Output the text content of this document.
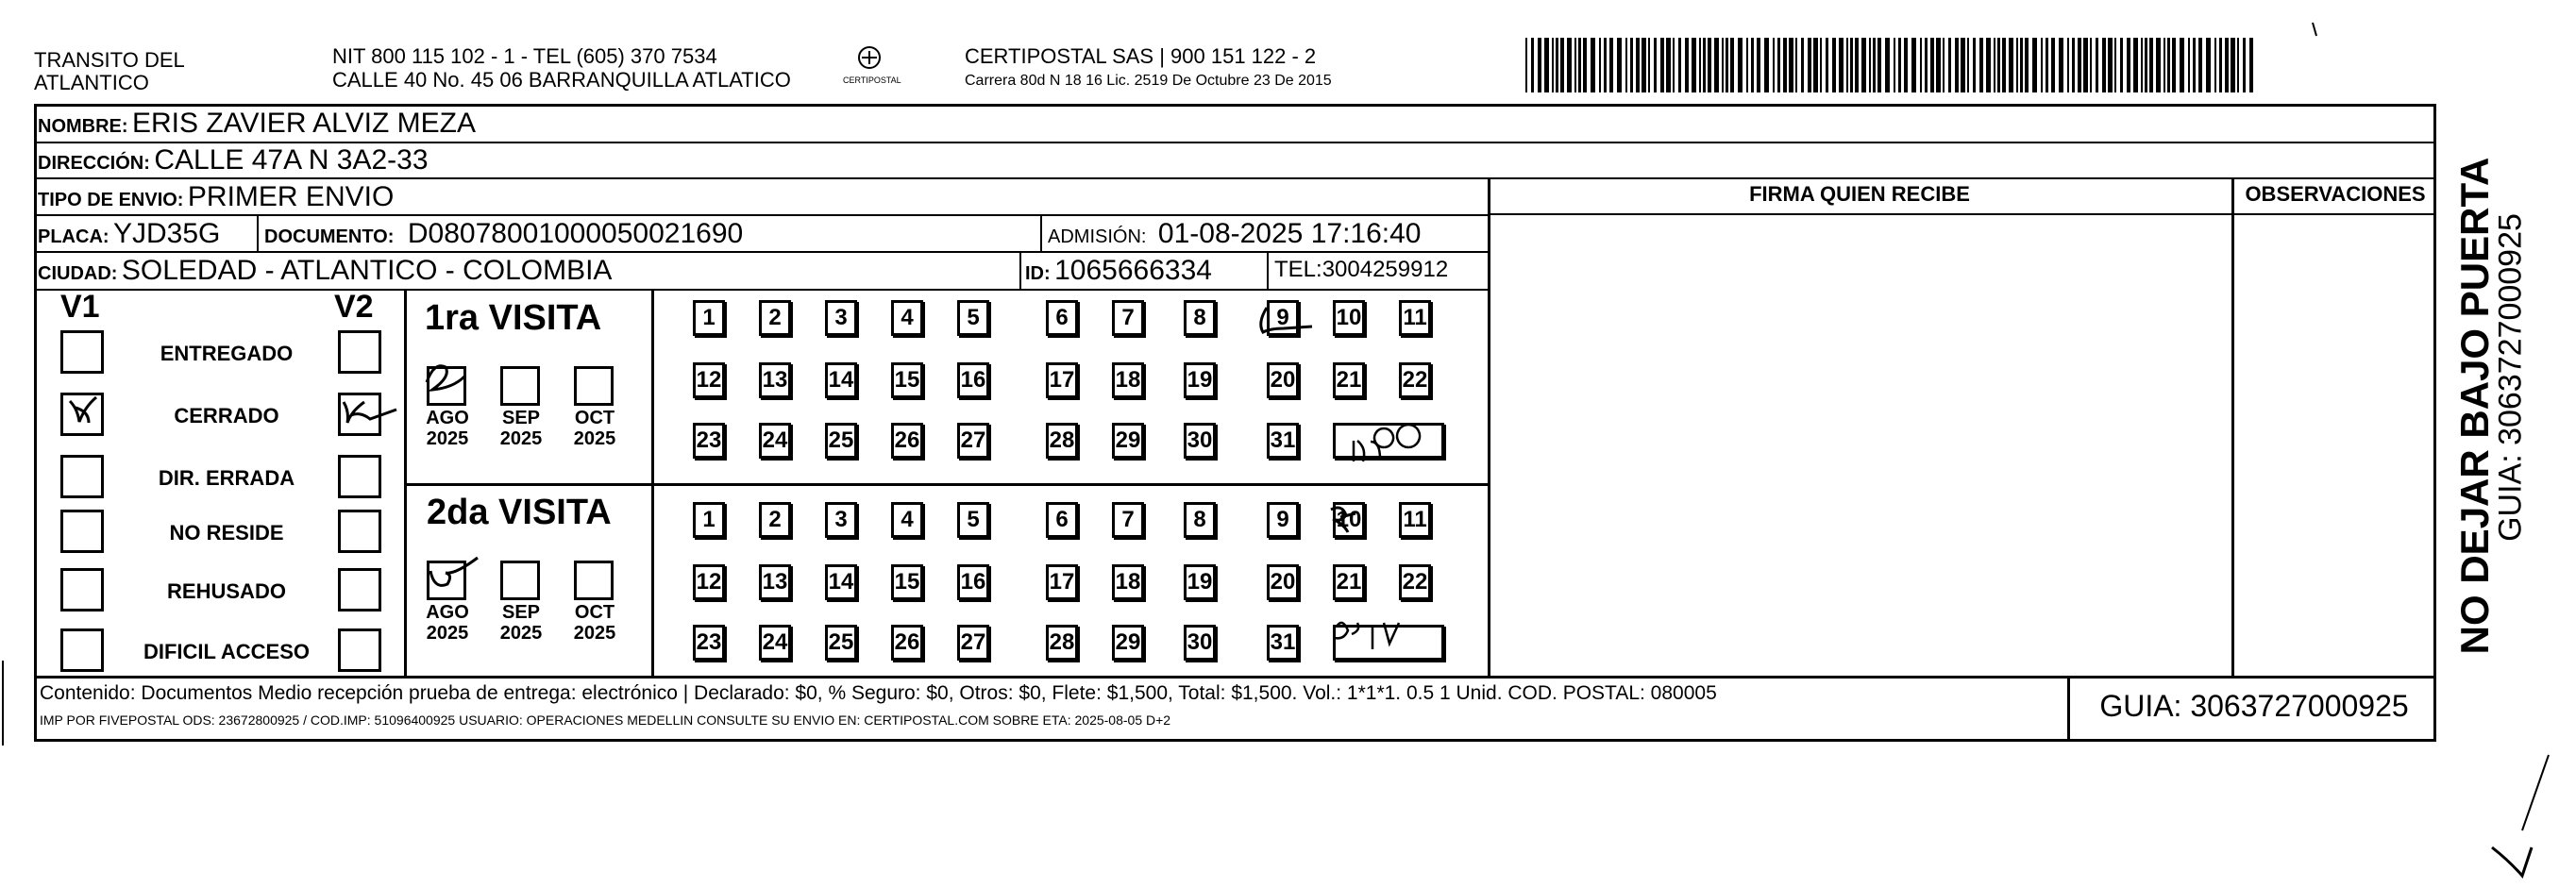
TRANSITO DEL ATLANTICO
NIT 800 115 102 - 1 - TEL (605) 370 7534
CALLE 40 No. 45 06 BARRANQUILLA ATLATICO	CERTIPOSTAL
CERTIPOSTAL SAS | 900 151 122 - 2
Carrera 80d N 18 16 Lic. 2519 De Octubre 23 De 2015
NOMBRE: ERIS ZAVIER ALVIZ MEZA
DIRECCIÓN: CALLE 47A N 3A2-33
TIPO DE ENVIO: PRIMER ENVIO	FIRMA QUIEN RECIBE	OBSERVACIONES
PLACA: YJD35G DOCUMENTO: D08078001000050021690	ADMISIÓN: 01-08-2025 17:16:40
CIUDAD: SOLEDAD - ATLANTICO - COLOMBIA	ID: 1065666334	TEL:3004259912
V1	V2
ENTREGADO
CERRADO
DIR. ERRADA
NO RESIDE
REHUSADO
DIFICIL ACCESO
1ra VISITA
AGO
2025
SEP
2025
OCT
2025
1	2	3	4	5	6	7	8	9	10 11
12 13 14 15 16	17 18 19	20 21 22
23 24 25 26 27	28 29 30	31
2da VISITA
AGO
2025
SEP
2025
OCT
2025
1	2	3	4	5	6	7	8	9	10 11
12 13 14 15 16	17 18 19	20 21 22
23 24 25 26 27	28 29 30	31
Contenido: Documentos Medio recepción prueba de entrega: electrónico | Declarado: $0, % Seguro: $0, Otros: $0, Flete: $1,500, Total: $1,500. Vol.: 1*1*1. 0.5 1 Unid. COD. POSTAL: 080005
IMP POR FIVEPOSTAL ODS: 23672800925 / COD.IMP: 51096400925 USUARIO: OPERACIONES MEDELLIN CONSULTE SU ENVIO EN: CERTIPOSTAL.COM SOBRE ETA: 2025-08-05 D+2	GUIA: 3063727000925
NO DEJAR BAJO PUERTA
GUIA: 3063727000925
